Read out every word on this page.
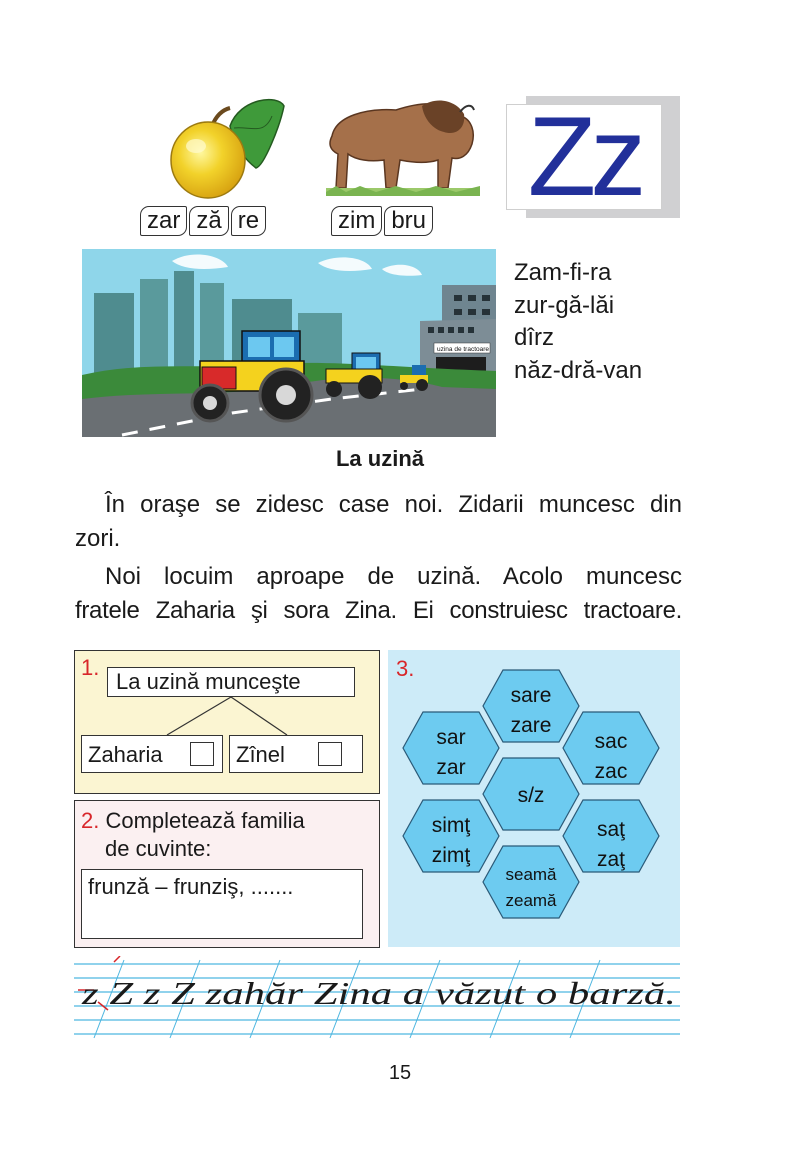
zar ză re	zim bru
Zz
uzina de tractoare
Zam-fi-ra
zur-gă-lăi
dîrz
năz-dră-van
La uzină
În oraşe se zidesc case noi. Zidarii muncesc din
zori.
Noi locuim aproape de uzină. Acolo muncesc
fratele Zaharia şi sora Zina. Ei construiesc tractoare.
1.
La uzină munceşte
Zaharia	Zînel
2. Completează familia
de cuvinte:
frunză – frunziş, .......
3.
sare
zare
sar
zar
sac
zac
s/z
simţ
zimţ
saţ
zaţ
seamă
zeamă
z Z z Z zahăr Zina a văzut o barză.
15
